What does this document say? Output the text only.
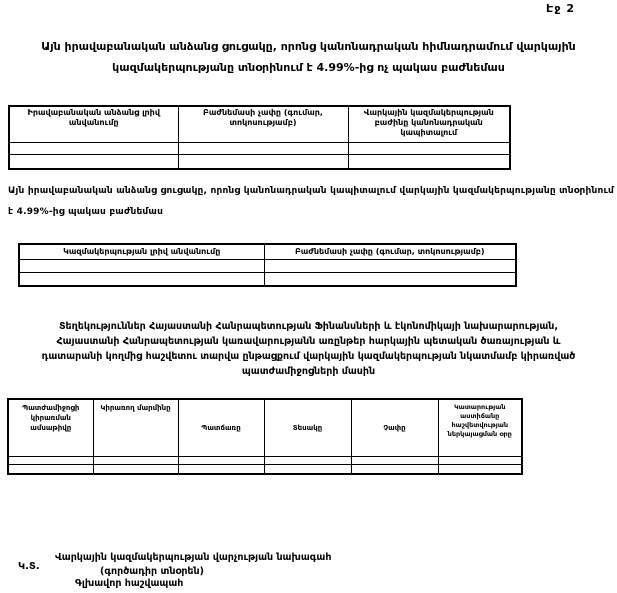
Էջ 2
Այն իրավաբանական անձանց ցուցակը, որոնց կանոնադրական հիմնադրամում վարկային
կազմակերպությանը տնօրինում է 4.99%-ից ոչ պակաս բաժնեմաս
Իրավաբանական անձանց լրիվ անվանումը	Բաժնեմասի չափը (գումար, տոկոսությամբ)	Վարկային կազմակերպության բաժինը կանոնադրական կապիտալում

Այն իրավաբանական անձանց ցուցակը, որոնց կանոնադրական կապիտալում վարկային կազմակերպությանը տնօրինում
է 4.99%-ից պակաս բաժնեմաս
Կազմակերպության լրիվ անվանումը	Բաժնեմասի չափը (գումար, տոկոսությամբ)

Տեղեկություններ Հայաստանի Հանրապետության Ֆինանսների և էկոնոմիկայի նախարարության,
Հայաստանի Հանրապետության կառավարությանն առընթեր հարկային պետական ծառայության և
դատարանի կողմից հաշվետու տարվա ընթացքում վարկային կազմակերպության նկատմամբ կիրառված
պատժամիջոցների մասին
Պատժամիջոցի կիրառման ամսաթիվը	Կիրառող մարմինը	Պատճառը	Տեսակը	Չափը	Կատարության աստիճանը հաշվետվության ներկայացման օրը

Վարկային կազմակերպության վարչության նախագահ
Կ.Տ.	(գործադիր տնօրեն)
Գլխավոր հաշվապահ
